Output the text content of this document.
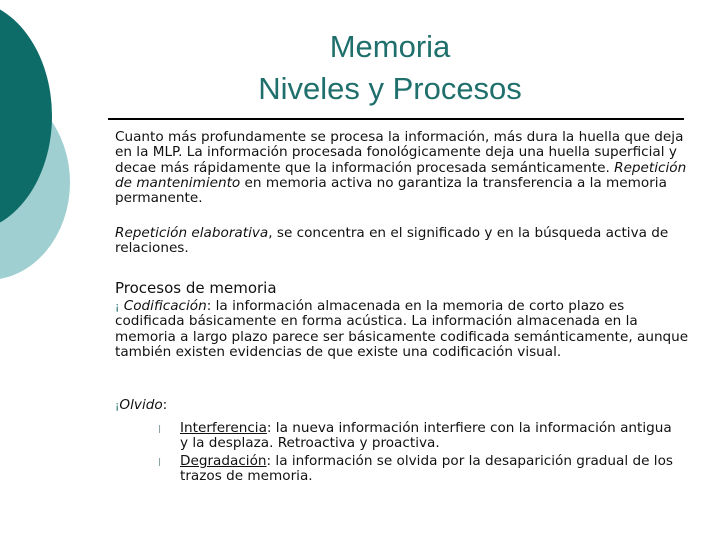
Memoria
Niveles y Procesos

Cuanto más profundamente se procesa la información, más dura la huella que deja en la MLP. La información procesada fonológicamente deja una huella superficial y decae más rápidamente que la información procesada semánticamente. Repetición de mantenimiento en memoria activa no garantiza la transferencia a la memoria permanente.

Repetición elaborativa, se concentra en el significado y en la búsqueda activa de relaciones.

Procesos de memoria

¡ Codificación: la información almacenada en la memoria de corto plazo es codificada básicamente en forma acústica. La información almacenada en la memoria a largo plazo parece ser básicamente codificada semánticamente, aunque también existen evidencias de que existe una codificación visual.

¡Olvido:

l Interferencia: la nueva información interfiere con la información antigua y la desplaza. Retroactiva y proactiva.

l Degradación: la información se olvida por la desaparición gradual de los trazos de memoria.
